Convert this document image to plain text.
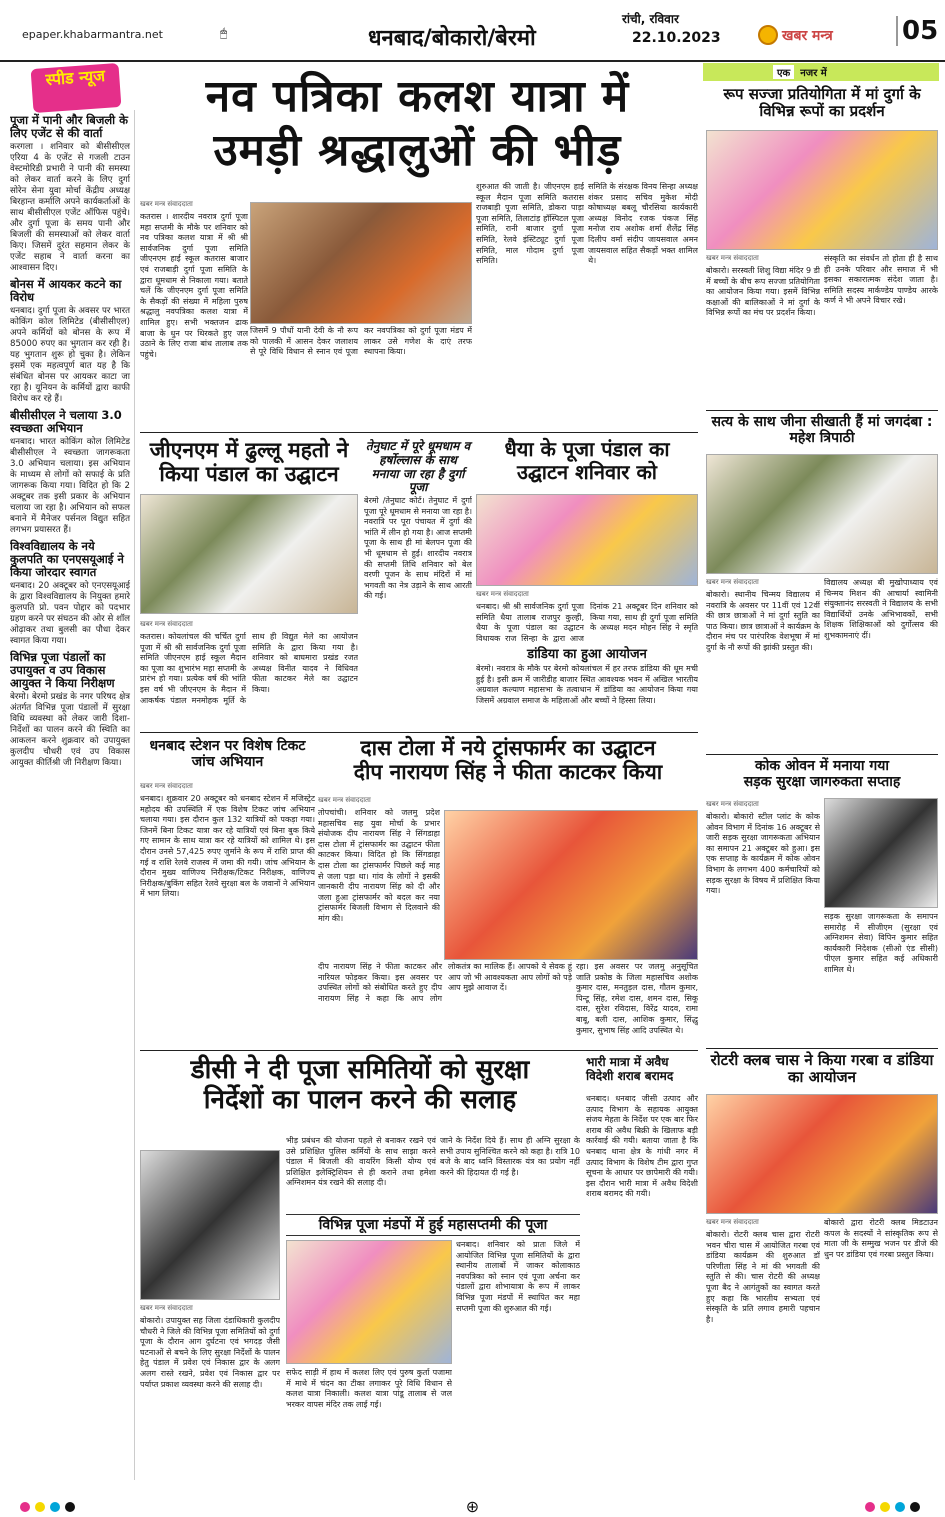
epaper.khabarmantra.net	🖱	धनबाद/बोकारो/बेरमो
रांची, रविवार
22.10.2023	खबर मन्त्र	05
स्पीड न्यूज
पूजा में पानी और बिजली के लिए एजेंट से की वार्ता

करगला । शनिवार को बीसीसीएल एरिया 4 के एजेंट से गजली टाउन वेस्टमोरिडी प्रभारी ने पानी की समस्या को लेकर वार्ता करने के लिए दुर्गा सोरेन सेना युवा मोर्चा केंद्रीय अध्यक्ष बिरहान्त कर्मालि अपने कार्यकर्ताओं के साथ बीसीसीएल एजेंट ऑफिस पहुंचे। और दुर्गा पूजा के समय पानी और बिजली की समस्याओं को लेकर वार्ता किए। जिसमें दुरंत सहमान लेकर के एजेंट सहाब ने वार्ता करना का आश्वासन दिए।

बोनस में आयकर कटने का विरोध

धनबाद। दुर्गा पूजा के अवसर पर भारत कोकिंग कोल लिमिटेड (बीसीसीएल) अपने कर्मियों को बोनस के रूप में 85000 रुपए का भुगतान कर रही है। यह भुगतान शुरू हो चुका है। लेकिन इसमें एक महत्वपूर्ण बात यह है कि संबंधित बोनस पर आयकर काटा जा रहा है। यूनियन के कर्मियों द्वारा काफी विरोध कर रहे हैं।

बीसीसीएल ने चलाया 3.0 स्वच्छता अभियान

धनबाद। भारत कोकिंग कोल लिमिटेड बीसीसीएल ने स्वच्छता जागरूकता 3.0 अभियान चलाया। इस अभियान के माध्यम से लोगों को सफाई के प्रति जागरूक किया गया। विदित हो कि 2 अक्टूबर तक इसी प्रकार के अभियान चलाया जा रहा है। अभियान को सफल बनाने में मैनेजर पर्सनल विद्युत सहित लगभग प्रयासरत हैं।

विश्वविद्यालय के नये कुलपति का एनएसयूआई ने किया जोरदार स्वागत

धनबाद। 20 अक्टूबर को एनएसयूआई के द्वारा विश्वविद्यालय के नियुक्त हमारे कुलपति प्रो. पवन पोद्दार को पदभार ग्रहण करने पर संघठन की ओर से शॉल ओढ़ाकर तथा बुलसी का पौधा देकर स्वागत किया गया।

विभिन्न पूजा पंडालों का उपायुक्त व उप विकास आयुक्त ने किया निरीक्षण

बेरमो। बेरमो प्रखंड के नगर परिषद क्षेत्र अंतर्गत विभिन्न पूजा पंडालों में सुरक्षा विधि व्यवस्था को लेकर जारी दिशा-निर्देशों का पालन करने की स्थिति का आकलन करने शुक्रवार को उपायुक्त कुलदीप चौधरी एवं उप विकास आयुक्त कीर्तिश्री जी निरीक्षण किया।

नव पत्रिका कलश यात्रा में
उमड़ी श्रद्धालुओं की भीड़
खबर मन्त्र संवाददाता
कतरास । शारदीय नवरात्र दुर्गा पूजा महा सप्तमी के मौके पर शनिवार को नव पत्रिका कलश यात्रा में श्री श्री सार्वजनिक दुर्गा पूजा समिति जीएनएम हाई स्कूल कतरास बाजार एवं राजबाड़ी दुर्गा पूजा समिति के द्वारा धूमधाम से निकाला गया। बताते चलें कि जीएनएम दुर्गा पूजा समिति के सैकड़ों की संख्या में महिला पुरुष श्रद्धालु नवपत्रिका कलश यात्रा में शामिल हुए। सभी भक्तजन ढाक बाजा के धुन पर थिरकते हुए जल उठाने के लिए राजा बांध तालाब तक पहुंचे।
जिसमें 9 पौधों यानी देवी के नौ रूप को पालकी में आसन देकर जलाशय से पूरे विधि विधान से स्नान एवं पूजा कर नवपत्रिका को दुर्गा पूजा मंडप में लाकर उसे गणेश के दाएं तरफ स्थापना किया।
शुरुआत की जाती है। जीएनएम हाई स्कूल मैदान पूजा समिति कतरास राजबाड़ी पूजा समिति, डोकरा पाड़ा पूजा समिति, तिलाटांड़ हॉस्पिटल पूजा समिति, रानी बाजार दुर्गा पूजा समिति, रेलवे इंस्टिट्यूट दुर्गा पूजा समिति, माल गोदाम दुर्गा पूजा समिति।
समिति के संरक्षक विनय सिन्हा अध्यक्ष शंकर प्रसाद सचिव मुकेश मोदी कोषाध्यक्ष बबलू चौरसिया कार्यकारी अध्यक्ष विनोद रजक पंकज सिंह मनोज राय अशोक शर्मा शैलेंद्र सिंह दिलीप वर्मा संदीप जायसवाल अमन जायसवाल सहित सैकड़ों भक्त शामिल थे।
जीएनएम में ढुल्लू महतो ने किया पंडाल का उद्घाटन
खबर मन्त्र संवाददाता
कतरास। कोयलांचल की चर्चित दुर्गा पूजा में श्री श्री सार्वजनिक दुर्गा पूजा समिति जीएनएम हाई स्कूल मैदान का पूजा का शुभारंभ महा सप्तमी के प्रारंभ हो गया। प्रत्येक वर्ष की भांति इस वर्ष भी जीएनएम के मैदान में आकर्षक पंडाल मनमोहक मूर्ति के साथ ही विद्युत मेले का आयोजन समिति के द्वारा किया गया है। शनिवार को बाघमारा प्रखंड रजत अध्यक्ष विनीत यादव ने विधिवत फीता काटकर मेले का उद्घाटन किया।
तेनुघाट में पूरे धूमधाम व हर्षोल्लास के साथ मनाया जा रहा है दुर्गा पूजा
बेरमो /तेनुघाट कोर्ट। तेनुघाट में दुर्गा पूजा पूरे धूमधाम से मनाया जा रहा है। नवरात्रि पर पूरा पंचायत में दुर्गा की भांति में लीन हो गया है। आज सप्तमी पूजा के साथ ही मां बेलपन पूजा की भी धूमधाम से हुई। शारदीय नवरात्र की सप्तमी तिथि शनिवार को बेल वरणी पूजन के साथ मंदिरों में मां भगवती का नेत्र उड़ाने के साथ आरती की गई।
धैया के पूजा पंडाल का उद्घाटन शनिवार को
खबर मन्त्र संवाददाता
धनबाद। श्री श्री सार्वजनिक दुर्गा पूजा समिति धैया तालाब राजपुर कुल्ही, धैया के पूजा पंडाल का उद्घाटन विधायक राज सिन्हा के द्वारा आज दिनांक 21 अक्टूबर दिन शनिवार को किया गया, साथ ही दुर्गा पूजा समिति के अध्यक्ष मदन मोहन सिंह ने स्मृति
डांडिया का हुआ आयोजन
बेरमो। नवरात्र के मौके पर बेरमो कोयलांचल में हर तरफ डांडिया की धूम मची हुई है। इसी क्रम में जारीडीह बाजार स्थित आवश्यक भवन में अखिल भारतीय अग्रवाल कल्याण महासभा के तत्वाधान में डांडिया का आयोजन किया गया जिसमें अग्रवाल समाज के महिलाओं और बच्चों ने हिस्सा लिया।
धनबाद स्टेशन पर विशेष टिकट जांच अभियान
खबर मन्त्र संवाददाता
धनबाद। शुक्रवार 20 अक्टूबर को धनबाद स्टेशन में मजिस्ट्रेट महोदय की उपस्थिति में एक विशेष टिकट जांच अभियान चलाया गया। इस दौरान कुल 132 यात्रियों को पकड़ा गया। जिनमें बिना टिकट यात्रा कर रहे यात्रियों एवं बिना बुक किये गए सामान के साथ यात्रा कर रहे यात्रियों को शामिल थे। इस दौरान उनसे 57,425 रुपए जुर्माने के रूप में राशि प्राप्त की गई व राशि रेलवे राजस्व में जमा की गयी। जांच अभियान के दौरान मुख्य वाणिज्य निरीक्षक/टिकट निरीक्षक, वाणिज्य निरीक्षक/बुकिंग सहित रेलवे सुरक्षा बल के जवानों ने अभियान में भाग लिया।
दास टोला में नये ट्रांसफार्मर का उद्घाटन
दीप नारायण सिंह ने फीता काटकर किया
खबर मन्त्र संवाददाता
तोपचांची। शनिवार को जलमु प्रदेश महासचिव सह युवा मोर्चा के प्रभार संयोजक दीप नारायण सिंह ने सिंगडाहा दास टोला में ट्रांसफार्मर का उद्घाटन फीता काटकर किया। विदित हो कि सिंगडाहा दास टोला का ट्रांसफार्मर पिछले कई माह से जला पड़ा था। गांव के लोगों ने इसकी जानकारी दीप नारायण सिंह को दी और जला हुआ ट्रांसफार्मर को बदल कर नया ट्रांसफार्मर बिजली विभाग से दिलवाने की मांग की।
दीप नारायण सिंह ने फीता काटकर और नारियल फोड़कर किया। इस अवसर पर उपस्थित लोगों को संबोधित करते हुए दीप नारायण सिंह ने कहा कि आप लोग लोकतंत्र का मालिक हैं। आपको ये सेवक हूं आप जो भी आवश्यकता आप लोगों को पड़े आप मुझे आवाज दें।
रहा। इस अवसर पर जलमु अनुसूचित जाति प्रकोष्ठ के जिला महासचिव अशोक कुमार दास, मनतुड़ल दास, गौतम कुमार, पिन्टू सिंह, रमेश दास, शमन दास, सिकू दास, सुरेश रविदास, विरेंद्र यादव, रामा बाबू, बली दास, आशिक कुमार, सिंद्धु कुमार, सुभाष सिंह आदि उपस्थित थे।
डीसी ने दी पूजा समितियों को सुरक्षा
निर्देशों का पालन करने की सलाह
खबर मन्त्र संवाददाता
बोकारो। उपायुक्त सह जिला दंडाधिकारी कुलदीप चौधरी ने जिले की विभिन्न पूजा समितियों को दुर्गा पूजा के दौरान आग दुर्घटना एवं भगदड़ जैसी घटनाओं से बचने के लिए सुरक्षा निर्देशों के पालन हेतु पंडाल में प्रवेश एवं निकास द्वार के अलग अलग रास्ते रखने, प्रवेश एवं निकास द्वार पर पर्याप्त प्रकाश व्यवस्था करने की सलाह दी।
भीड़ प्रबंधन की योजना पहले से बनाकर रखने एवं उसे प्रशिक्षित पुलिस कर्मियों के साथ साझा करने पंडाल में बिजली की वायरिंग किसी योग्य एवं प्रशिक्षित इलेक्ट्रिशियन से ही कराने तथा हमेशा अग्निशमन यंत्र रखने की सलाह दी।
जाने के निर्देश दिये हैं। साथ ही अग्नि सुरक्षा के सभी उपाय सुनिश्चित करने को कहा है। रात्रि 10 बजे के बाद ध्वनि विस्तारक यंत्र का प्रयोग नहीं करने की हिदायत दी गई है।
विभिन्न पूजा मंडपों में हुई महासप्तमी की पूजा
सफेद साड़ी में हाथ में कलश लिए एवं पुरुष कुर्ता पजामा में माथे में चंदन का टीका लगाकर पूरे विधि विधान से कलश यात्रा निकाली। कलश यात्रा पांडू तालाब से जल भरकर वापस मंदिर तक लाई गई।
धनबाद। शनिवार को प्रातः जिले में आयोजित विभिन्न पूजा समितियों के द्वारा स्थानीय तालाबों में जाकर कोलाकाठ नवपत्रिका को स्नान एवं पूजा अर्चना कर पंडालों द्वारा शोभायात्रा के रूप में लाकर विभिन्न पूजा मंडपों में स्थापित कर महा सप्तमी पूजा की शुरुआत की गई।
भारी मात्रा में अवैध विदेशी शराब बरामद
धनबाद। धनबाद जीसी उत्पाद और उत्पाद विभाग के सहायक आयुक्त संजय मेहता के निर्देश पर एक बार फिर शराब की अवैध बिक्री के खिलाफ बड़ी कार्रवाई की गयी। बताया जाता है कि धनबाद थाना क्षेत्र के गांधी नगर में उत्पाद विभाग के विशेष टीम द्वारा गुप्त सूचना के आधार पर छापेमारी की गयी। इस दौरान भारी मात्रा में अवैध विदेशी शराब बरामद की गयी।
एक	नजर में
रूप सज्जा प्रतियोगिता में मां दुर्गा के विभिन्न रूपों का प्रदर्शन
खबर मन्त्र संवाददाता
बोकारो। सरस्वती शिशु विद्या मंदिर 9 डी में बच्चों के बीच रूप सज्जा प्रतियोगिता का आयोजन किया गया। इसमें विभिन्न कक्षाओं की बालिकाओं ने मां दुर्गा के विभिन्न रूपों का मंच पर प्रदर्शन किया।
संस्कृति का संवर्धन तो होता ही है साथ ही उनके परिवार और समाज में भी इसका सकारात्मक संदेश जाता है। समिति सदस्य मार्कण्डेय पाण्डेय आरके कर्ण ने भी अपने विचार रखे।
सत्य के साथ जीना सीखाती हैं मां जगदंबा : महेश त्रिपाठी
खबर मन्त्र संवाददाता
बोकारो। स्थानीय चिन्मय विद्यालय में नवरात्रि के अवसर पर 11वीं एवं 12वीं की छात्र छात्राओं ने मां दुर्गा स्तुति का पाठ किया। छात्र छात्राओं ने कार्यक्रम के दौरान मंच पर पारंपरिक वेशभूषा में मां दुर्गा के नौ रूपों की झांकी प्रस्तुत की।
विद्यालय अध्यक्ष बी मुखोपाध्याय एवं चिन्मय मिशन की आचार्या स्वामिनी संयुक्तानंद सरस्वती ने विद्यालय के सभी विद्यार्थियों उनके अभिभावकों, सभी शिक्षक शिक्षिकाओं को दुर्गोत्सव की शुभकामनाएं दीं।
कोक ओवन में मनाया गया
सड़क सुरक्षा जागरुकता सप्ताह
खबर मन्त्र संवाददाता
बोकारो। बोकारो स्टील प्लांट के कोक ओवन विभाग में दिनांक 16 अक्टूबर से जारी सड़क सुरक्षा जागरूकता अभियान का समापन 21 अक्टूबर को हुआ। इस एक सप्ताह के कार्यक्रम में कोक ओवन विभाग के लगभग 400 कर्मचारियों को सड़क सुरक्षा के विषय में प्रशिक्षित किया गया।
सड़क सुरक्षा जागरूकता के समापन समारोह में सीजीएम (सुरक्षा एवं अग्निशमन सेवा) विपिन कुमार सहित कार्यकारी निदेशक (सीओ एंड सीसी) पीएल कुमार सहित कई अधिकारी शामिल थे।
रोटरी क्लब चास ने किया गरबा व डांडिया का आयोजन
खबर मन्त्र संवाददाता
बोकारो। रोटरी क्लब चास द्वारा रोटरी भवन चीरा चास में आयोजित गरबा एवं डांडिया कार्यक्रम की शुरुआत डॉ परिणीता सिंह ने मां की भगवती की स्तुति से की। चास रोटरी की अध्यक्ष पूजा बैद ने आगंतुकों का स्वागत करते हुए कहा कि भारतीय सभ्यता एवं संस्कृति के प्रति लगाव हमारी पहचान है।
बोकारो द्वारा रोटरी क्लब मिडटाउन कपल के सदस्यों ने सांस्कृतिक रूप से माता जी के सम्मुख भजन पर डीजे की धुन पर डांडिया एवं गरबा प्रस्तुत किया।
⊕
